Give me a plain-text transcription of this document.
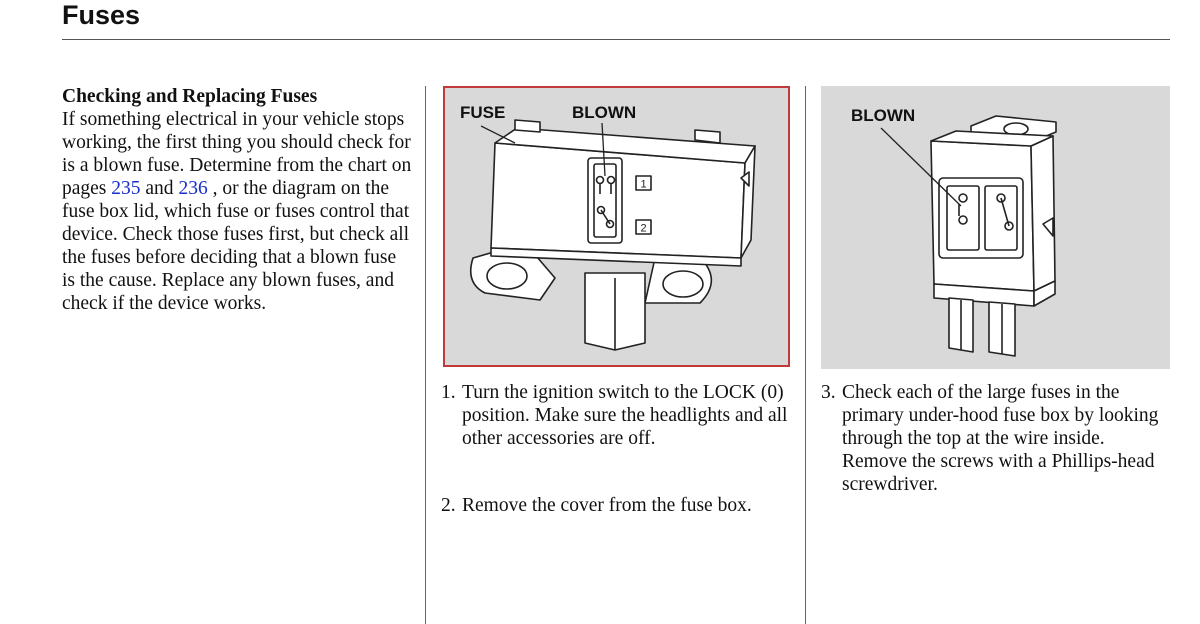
Fuses
Checking and Replacing Fuses
If something electrical in your vehicle stops working, the first thing you should check for is a blown fuse. Determine from the chart on pages 235 and 236 , or the diagram on the fuse box lid, which fuse or fuses control that device. Check those fuses first, but check all the fuses before deciding that a blown fuse is the cause. Replace any blown fuses, and check if the device works.
1
2
FUSE	BLOWN	BLOWN
1. Turn the ignition switch to the LOCK (0) position. Make sure the headlights and all other accessories are off.
2. Remove the cover from the fuse box.
3. Check each of the large fuses in the primary under-hood fuse box by looking through the top at the wire inside. Remove the screws with a Phillips-head screwdriver.
